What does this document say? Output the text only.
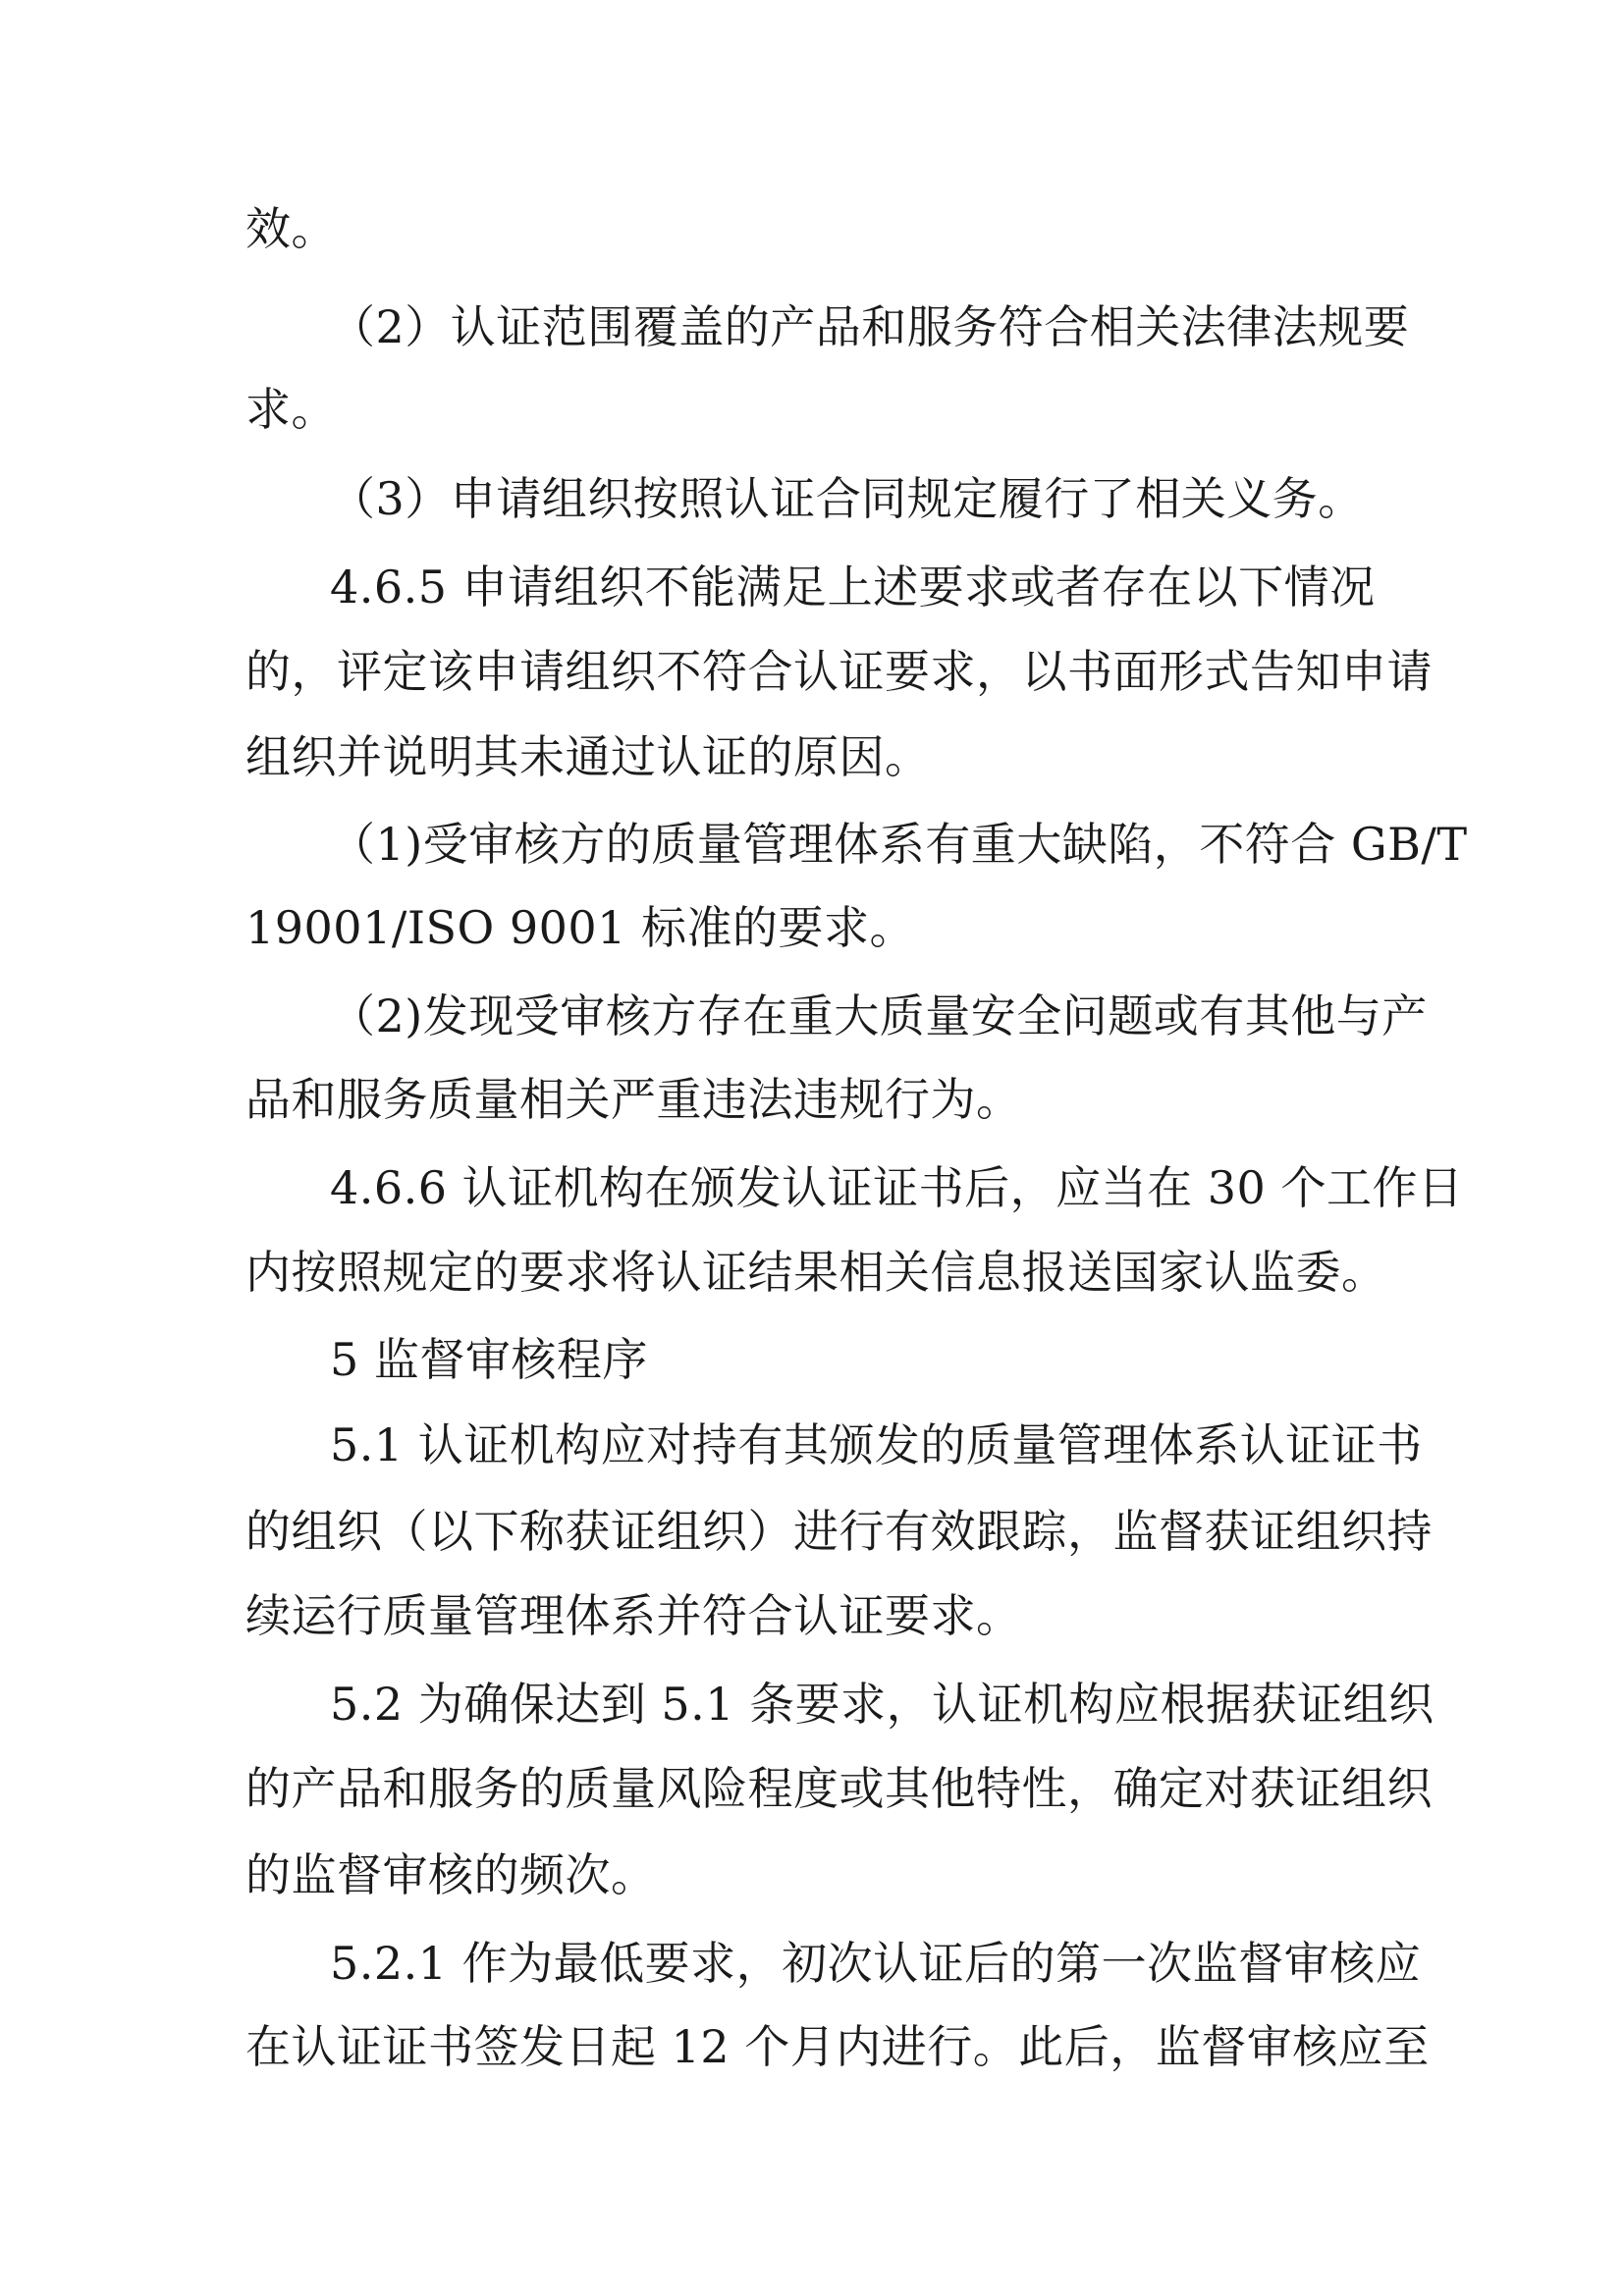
效。
（2）认证范围覆盖的产品和服务符合相关法律法规要
求。
（3）申请组织按照认证合同规定履行了相关义务。
4.6.5 申请组织不能满足上述要求或者存在以下情况
的，评定该申请组织不符合认证要求，以书面形式告知申请
组织并说明其未通过认证的原因。
（1)受审核方的质量管理体系有重大缺陷，不符合 GB/T
19001/ISO 9001 标准的要求。
（2)发现受审核方存在重大质量安全问题或有其他与产
品和服务质量相关严重违法违规行为。
4.6.6 认证机构在颁发认证证书后，应当在 30 个工作日
内按照规定的要求将认证结果相关信息报送国家认监委。
5 监督审核程序
5.1 认证机构应对持有其颁发的质量管理体系认证证书
的组织（以下称获证组织）进行有效跟踪，监督获证组织持
续运行质量管理体系并符合认证要求。
5.2 为确保达到 5.1 条要求，认证机构应根据获证组织
的产品和服务的质量风险程度或其他特性，确定对获证组织
的监督审核的频次。
5.2.1 作为最低要求，初次认证后的第一次监督审核应
在认证证书签发日起 12 个月内进行。此后，监督审核应至
